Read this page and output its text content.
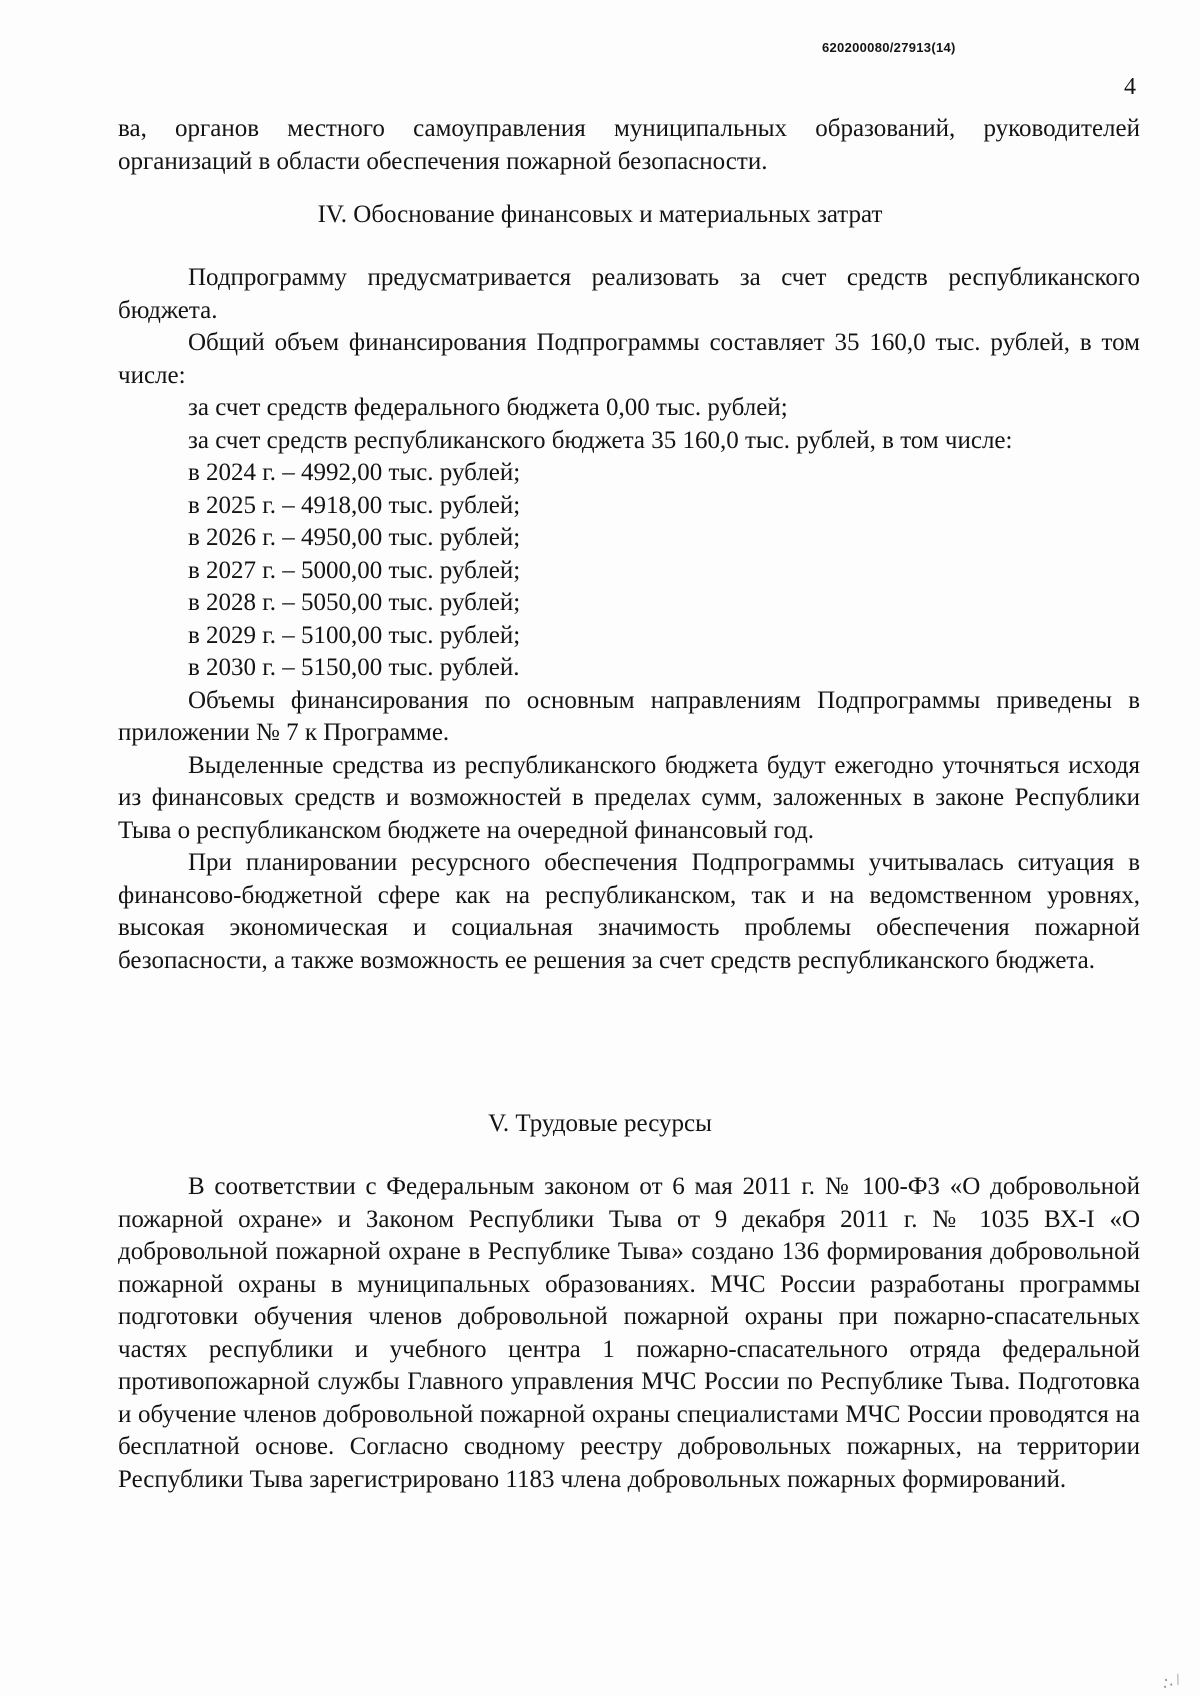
620200080/27913(14)
4

ва, органов местного самоуправления муниципальных образований, руководителей организаций в области обеспечения пожарной безопасности.

IV. Обоснование финансовых и материальных затрат

Подпрограмму предусматривается реализовать за счет средств республиканского бюджета.

Общий объем финансирования Подпрограммы составляет 35 160,0 тыс. рублей, в том числе:

за счет средств федерального бюджета 0,00 тыс. рублей;
за счет средств республиканского бюджета 35 160,0 тыс. рублей, в том числе:
в 2024 г. – 4992,00 тыс. рублей;
в 2025 г. – 4918,00 тыс. рублей;
в 2026 г. – 4950,00 тыс. рублей;
в 2027 г. – 5000,00 тыс. рублей;
в 2028 г. – 5050,00 тыс. рублей;
в 2029 г. – 5100,00 тыс. рублей;
в 2030 г. – 5150,00 тыс. рублей.

Объемы финансирования по основным направлениям Подпрограммы приведены в приложении № 7 к Программе.

Выделенные средства из республиканского бюджета будут ежегодно уточняться исходя из финансовых средств и возможностей в пределах сумм, заложенных в законе Республики Тыва о республиканском бюджете на очередной финансовый год.

При планировании ресурсного обеспечения Подпрограммы учитывалась ситуация в финансово-бюджетной сфере как на республиканском, так и на ведомственном уровнях, высокая экономическая и социальная значимость проблемы обеспечения пожарной безопасности, а также возможность ее решения за счет средств республиканского бюджета.

V. Трудовые ресурсы

В соответствии с Федеральным законом от 6 мая 2011 г. № 100-ФЗ «О добровольной пожарной охране» и Законом Республики Тыва от 9 декабря 2011 г. № 1035 ВХ-I «О добровольной пожарной охране в Республике Тыва» создано 136 формирования добровольной пожарной охраны в муниципальных образованиях. МЧС России разработаны программы подготовки обучения членов добровольной пожарной охраны при пожарно-спасательных частях республики и учебного центра 1 пожарно-спасательного отряда федеральной противопожарной службы Главного управления МЧС России по Республике Тыва. Подготовка и обучение членов добровольной пожарной охраны специалистами МЧС России проводятся на бесплатной основе. Согласно сводному реестру добровольных пожарных, на территории Республики Тыва зарегистрировано 1183 члена добровольных пожарных формирований.

∴ /
